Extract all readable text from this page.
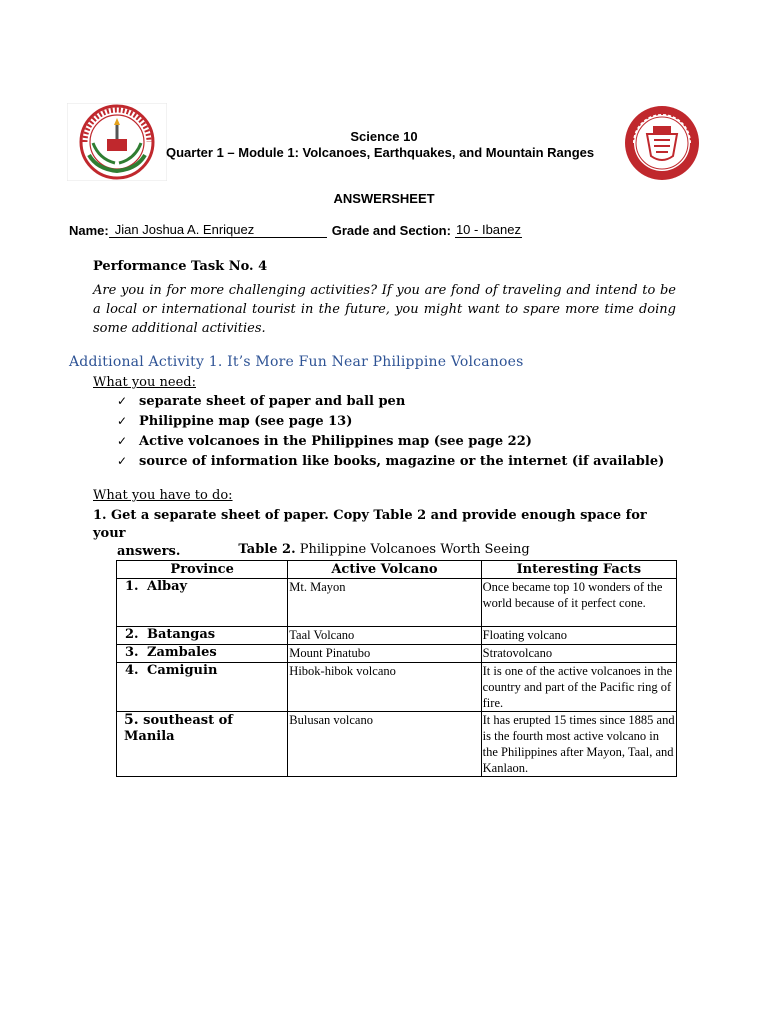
Science 10
Quarter 1 – Module 1: Volcanoes, Earthquakes, and Mountain Ranges
ANSWERSHEET
Name: Jian Joshua A. Enriquez	Grade and Section: 10 - Ibanez
Performance Task No. 4
Are you in for more challenging activities? If you are fond of traveling and intend to be a local or international tourist in the future, you might want to spare more time doing some additional activities.
Additional Activity 1. It’s More Fun Near Philippine Volcanoes
What you need:
✓ separate sheet of paper and ball pen
✓ Philippine map (see page 13)
✓ Active volcanoes in the Philippines map (see page 22)
✓ source of information like books, magazine or the internet (if available)
What you have to do:
1. Get a separate sheet of paper. Copy Table 2 and provide enough space for your
answers.	Table 2. Philippine Volcanoes Worth Seeing
Province	Active Volcano	Interesting Facts
1. Albay	Mt. Mayon	Once became top 10 wonders of the world because of it perfect cone.
2. Batangas	Taal Volcano	Floating volcano
3. Zambales	Mount Pinatubo	Stratovolcano
4. Camiguin	Hibok-hibok volcano	It is one of the active volcanoes in the country and part of the Pacific ring of fire.
5. southeast of Manila	Bulusan volcano	It has erupted 15 times since 1885 and is the fourth most active volcano in the Philippines after Mayon, Taal, and Kanlaon.
